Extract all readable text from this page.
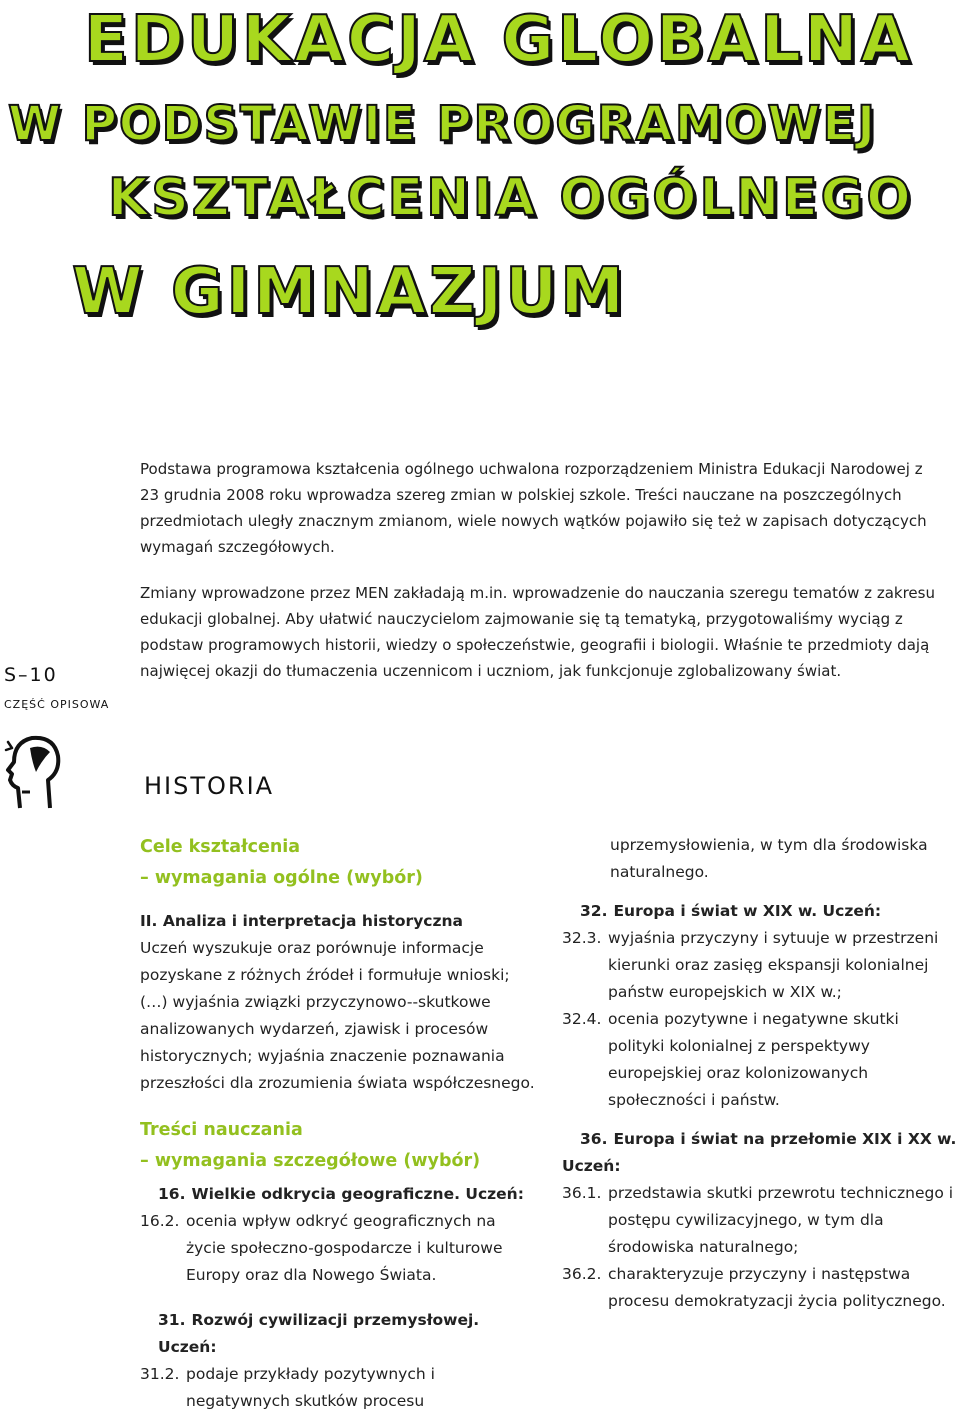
EDUKACJA GLOBALNA
W PODSTAWIE PROGRAMOWEJ
KSZTAŁCENIA OGÓLNEGO
W GIMNAZJUM

Podstawa programowa kształcenia ogólnego uchwalona rozporządzeniem Ministra Edukacji Narodowej z 23 grudnia 2008 roku wprowadza szereg zmian w polskiej szkole. Treści nauczane na poszczególnych przedmiotach uległy znacznym zmianom, wiele nowych wątków pojawiło się też w zapisach dotyczących wymagań szczegółowych.

Zmiany wprowadzone przez MEN zakładają m.in. wprowadzenie do nauczania szeregu tematów z zakresu edukacji globalnej. Aby ułatwić nauczycielom zajmowanie się tą tematyką, przygotowaliśmy wyciąg z podstaw programowych historii, wiedzy o społeczeństwie, geografii i biologii. Właśnie te przedmioty dają najwięcej okazji do tłumaczenia uczennicom i uczniom, jak funkcjonuje zglobalizowany świat.

S–10
CZĘŚĆ OPISOWA
HISTORIA
Cele kształcenia
– wymagania ogólne (wybór)

II. Analiza i interpretacja historyczna

Uczeń wyszukuje oraz porównuje informacje pozyskane z różnych źródeł i formułuje wnioski; (…) wyjaśnia związki przyczynowo--skutkowe analizowanych wydarzeń, zjawisk i procesów historycznych; wyjaśnia znaczenie poznawania przeszłości dla zrozumienia świata współczesnego.

Treści nauczania
– wymagania szczegółowe (wybór)

16. Wielkie odkrycia geograficzne. Uczeń:

16.2. ocenia wpływ odkryć geograficznych na życie społeczno-gospodarcze i kulturowe Europy oraz dla Nowego Świata.

31. Rozwój cywilizacji przemysłowej. Uczeń:

31.2. podaje przykłady pozytywnych i negatywnych skutków procesu

uprzemysłowienia, w tym dla środowiska naturalnego.

32. Europa i świat w XIX w. Uczeń:

32.3. wyjaśnia przyczyny i sytuuje w przestrzeni kierunki oraz zasięg ekspansji kolonialnej państw europejskich w XIX w.;
32.4. ocenia pozytywne i negatywne skutki polityki kolonialnej z perspektywy europejskiej oraz kolonizowanych społeczności i państw.

36. Europa i świat na przełomie XIX i XX w.

Uczeń:

36.1. przedstawia skutki przewrotu technicznego i postępu cywilizacyjnego, w tym dla środowiska naturalnego;
36.2. charakteryzuje przyczyny i następstwa procesu demokratyzacji życia politycznego.
